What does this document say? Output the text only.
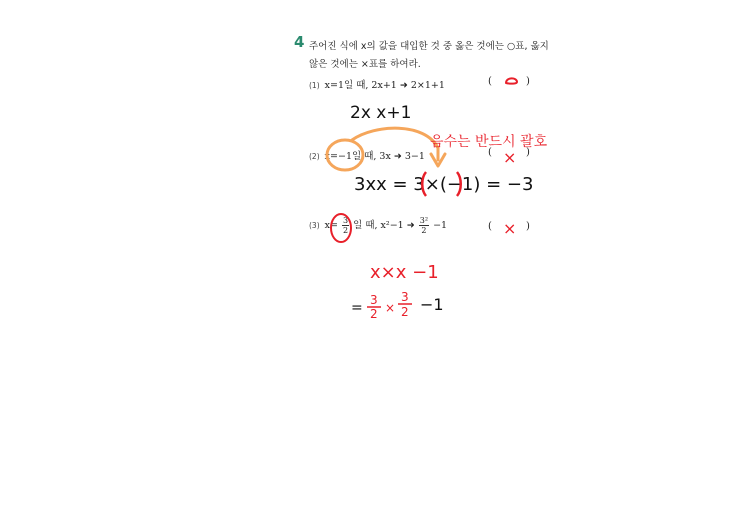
4 주어진 식에 x의 값을 대입한 것 중 옳은 것에는 ○표, 옳지
않은 것에는 ×표를 하여라.
(1) x=1일 때, 2x+1 ➜ 2×1+1	(	)
(2) x=−1일 때, 3x ➜ 3−1	(	)
(3) $x= \frac{3}{2}$ 일 때, x²−1 ➜ $\frac{\text{3²}}{2} -1$	(	)
2x x+1
음수는 반드시 괄호
×
3xx = 3×(−1) = −3
×
x×x −1
= 3
2 ×
3
2 −1
